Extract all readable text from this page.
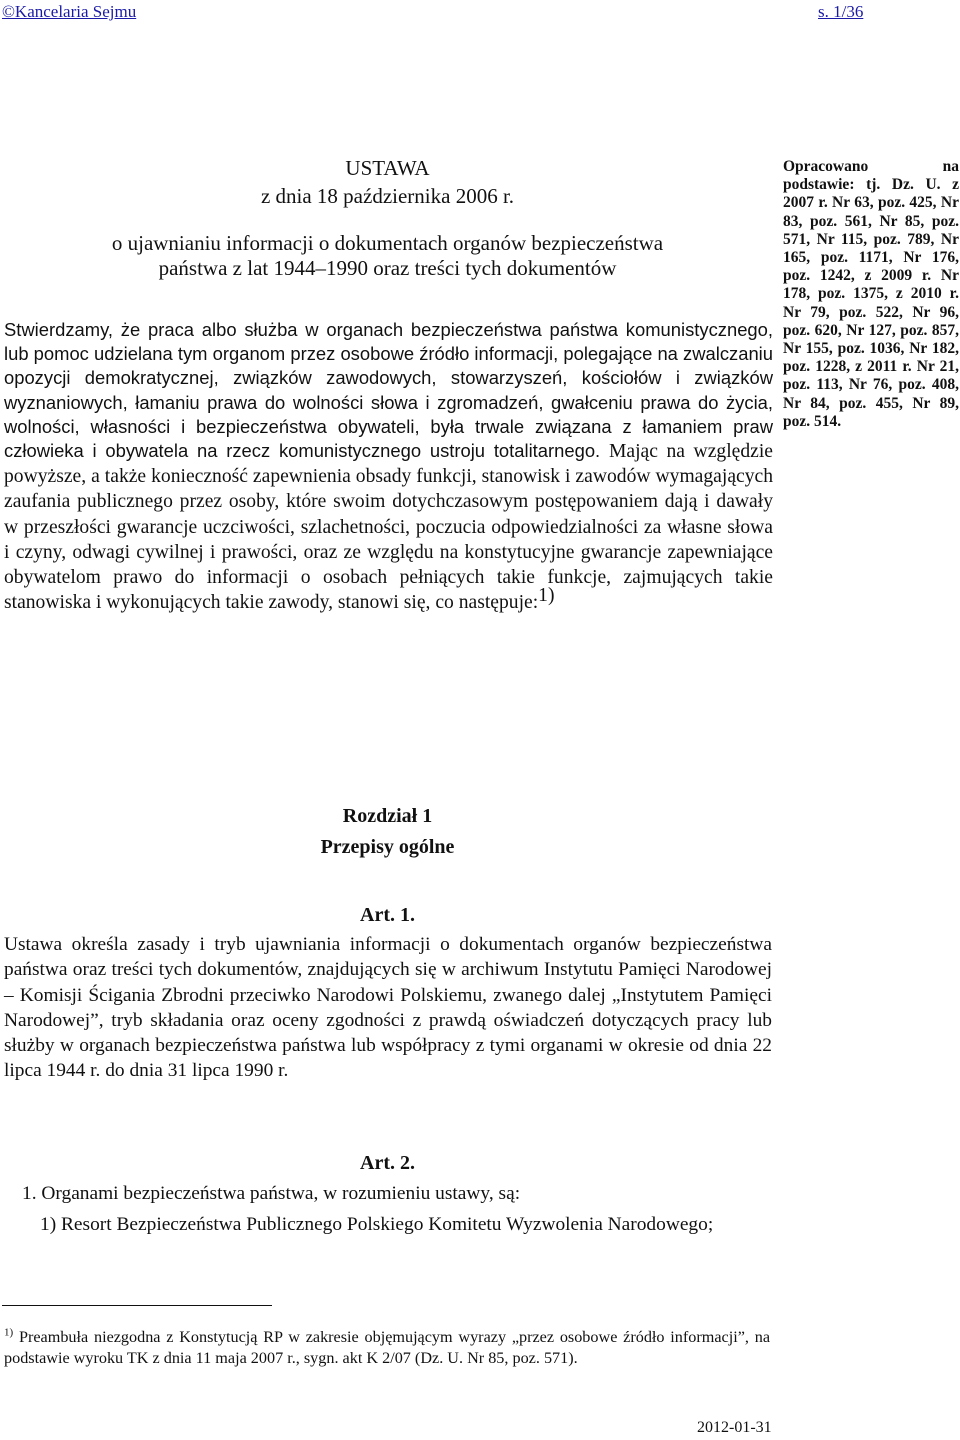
©Kancelaria Sejmu	s. 1/36
USTAWA
z dnia 18 października 2006 r.
o ujawnianiu informacji o dokumentach organów bezpieczeństwa
państwa z lat 1944–1990 oraz treści tych dokumentów
Opracowano na podstawie: tj. Dz. U. z 2007 r. Nr 63, poz. 425, Nr 83, poz. 561, Nr 85, poz. 571, Nr 115, poz. 789, Nr 165, poz. 1171, Nr 176, poz. 1242, z 2009 r. Nr 178, poz. 1375, z 2010 r. Nr 79, poz. 522, Nr 96, poz. 620, Nr 127, poz. 857, Nr 155, poz. 1036, Nr 182, poz. 1228, z 2011 r. Nr 21, poz. 113, Nr 76, poz. 408, Nr 84, poz. 455, Nr 89, poz. 514.
Stwierdzamy, że praca albo służba w organach bezpieczeństwa państwa komunistycznego, lub pomoc udzielana tym organom przez osobowe źródło informacji, polegające na zwalczaniu opozycji demokratycznej, związków zawodowych, stowarzyszeń, kościołów i związków wyznaniowych, łamaniu prawa do wolności słowa i zgromadzeń, gwałceniu prawa do życia, wolności, własności i bezpieczeństwa obywateli, była trwale związana z łamaniem praw człowieka i obywatela na rzecz komunistycznego ustroju totalitarnego. Mając na względzie powyższe, a także konieczność zapewnienia obsady funkcji, stanowisk i zawodów wymagających zaufania publicznego przez osoby, które swoim dotychczasowym postępowaniem dają i dawały w przeszłości gwarancje uczciwości, szlachetności, poczucia odpowiedzialności za własne słowa i czyny, odwagi cywilnej i prawości, oraz ze względu na konstytucyjne gwarancje zapewniające obywatelom prawo do informacji o osobach pełniących takie funkcje, zajmujących takie stanowiska i wykonujących takie zawody, stanowi się, co następuje:$^{1)}$
Rozdział 1
Przepisy ogólne
Art. 1.
Ustawa określa zasady i tryb ujawniania informacji o dokumentach organów bezpieczeństwa państwa oraz treści tych dokumentów, znajdujących się w archiwum Instytutu Pamięci Narodowej – Komisji Ścigania Zbrodni przeciwko Narodowi Polskiemu, zwanego dalej „Instytutem Pamięci Narodowej”, tryb składania oraz oceny zgodności z prawdą oświadczeń dotyczących pracy lub służby w organach bezpieczeństwa państwa lub współpracy z tymi organami w okresie od dnia 22 lipca 1944 r. do dnia 31 lipca 1990 r.
Art. 2.
1. Organami bezpieczeństwa państwa, w rozumieniu ustawy, są:
1) Resort Bezpieczeństwa Publicznego Polskiego Komitetu Wyzwolenia Narodowego;
$^{1)}$ Preambuła niezgodna z Konstytucją RP w zakresie objęmującym wyrazy „przez osobowe źródło informacji”, na podstawie wyroku TK z dnia 11 maja 2007 r., sygn. akt K 2/07 (Dz. U. Nr 85, poz. 571).
2012-01-31
